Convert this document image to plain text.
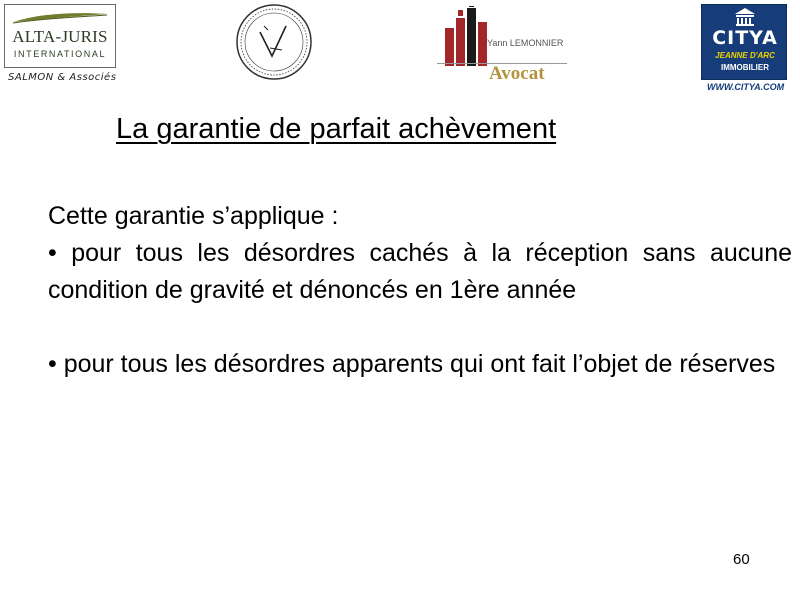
ALTA-JURIS
INTERNATIONAL
SALMON & Associés
Yann LEMONNIER
Avocat
CITYA
JEANNE D'ARC
IMMOBILIER
WWW.CITYA.COM
La garantie de parfait achèvement

Cette garantie s’applique :

• pour tous les désordres cachés à la réception sans aucune condition de gravité et dénoncés en 1ère année

• pour tous les désordres apparents qui ont fait l’objet de réserves

60
